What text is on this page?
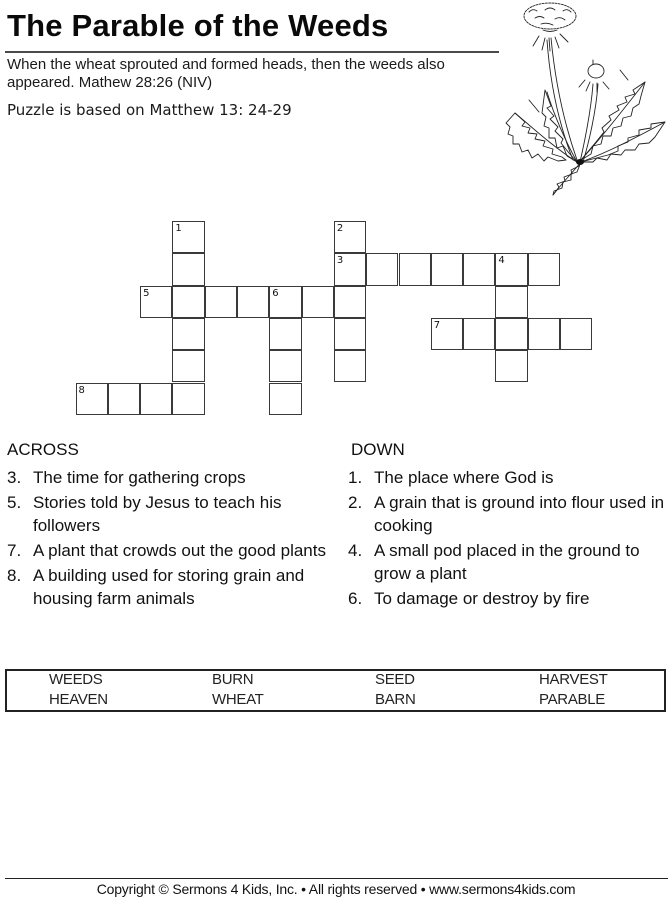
The Parable of the Weeds
When the wheat sprouted and formed heads, then the weeds also appeared. Mathew 28:26 (NIV)
Puzzle is based on Matthew 13: 24-29
1	2
3	4
5	6
7
8
ACROSS
3. The time for gathering crops
5. Stories told by Jesus to teach his followers
7. A plant that crowds out the good plants
8. A building used for storing grain and housing farm animals
DOWN
1. The place where God is
2. A grain that is ground into flour used in cooking
4. A small pod placed in the ground to grow a plant
6. To damage or destroy by fire
WEEDS	BURN	SEED	HARVEST
HEAVEN	WHEAT	BARN	PARABLE
Copyright © Sermons 4 Kids, Inc. • All rights reserved • www.sermons4kids.com
